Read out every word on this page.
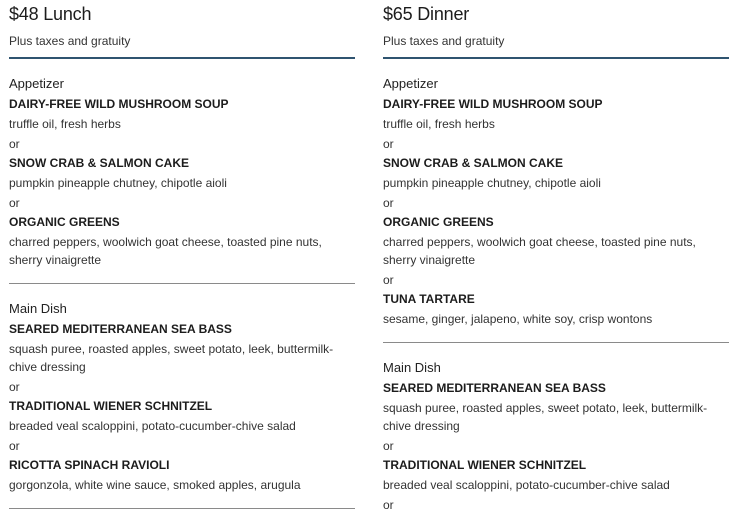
$48 Lunch
Plus taxes and gratuity
Appetizer
DAIRY-FREE WILD MUSHROOM SOUP
truffle oil, fresh herbs
or
SNOW CRAB & SALMON CAKE
pumpkin pineapple chutney, chipotle aioli
or
ORGANIC GREENS
charred peppers, woolwich goat cheese, toasted pine nuts, sherry vinaigrette
Main Dish
SEARED MEDITERRANEAN SEA BASS
squash puree, roasted apples, sweet potato, leek, buttermilk-chive dressing
or
TRADITIONAL WIENER SCHNITZEL
breaded veal scaloppini, potato-cucumber-chive salad
or
RICOTTA SPINACH RAVIOLI
gorgonzola, white wine sauce, smoked apples, arugula
$65 Dinner
Plus taxes and gratuity
Appetizer
DAIRY-FREE WILD MUSHROOM SOUP
truffle oil, fresh herbs
or
SNOW CRAB & SALMON CAKE
pumpkin pineapple chutney, chipotle aioli
or
ORGANIC GREENS
charred peppers, woolwich goat cheese, toasted pine nuts, sherry vinaigrette
or
TUNA TARTARE
sesame, ginger, jalapeno, white soy, crisp wontons
Main Dish
SEARED MEDITERRANEAN SEA BASS
squash puree, roasted apples, sweet potato, leek, buttermilk-chive dressing
or
TRADITIONAL WIENER SCHNITZEL
breaded veal scaloppini, potato-cucumber-chive salad
or
